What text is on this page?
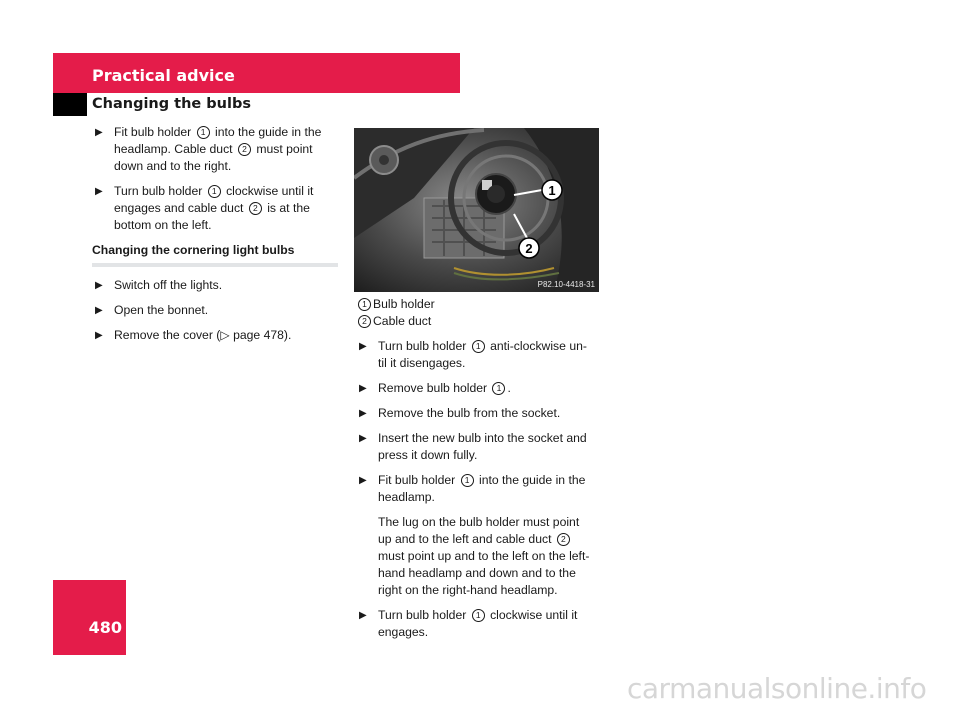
Practical advice
Changing the bulbs
▶ Fit bulb holder 1 into the guide in the headlamp. Cable duct 2 must point down and to the right.
▶ Turn bulb holder 1 clockwise until it engages and cable duct 2 is at the bottom on the left.
Changing the cornering light bulbs
▶ Switch off the lights.
▶ Open the bonnet.
▶ Remove the cover (▷ page 478).
1
2
P82.10-4418-31
1 Bulb holder
2 Cable duct
▶ Turn bulb holder 1 anti-clockwise un-
til it disengages.
▶ Remove bulb holder 1 .
▶ Remove the bulb from the socket.
▶ Insert the new bulb into the socket and
press it down fully.
▶ Fit bulb holder 1 into the guide in the
headlamp.
The lug on the bulb holder must point
up and to the left and cable duct 2
must point up and to the left on the left-
hand headlamp and down and to the
right on the right-hand headlamp.
▶ Turn bulb holder 1 clockwise until it
engages.
480
carmanualsonline.info
